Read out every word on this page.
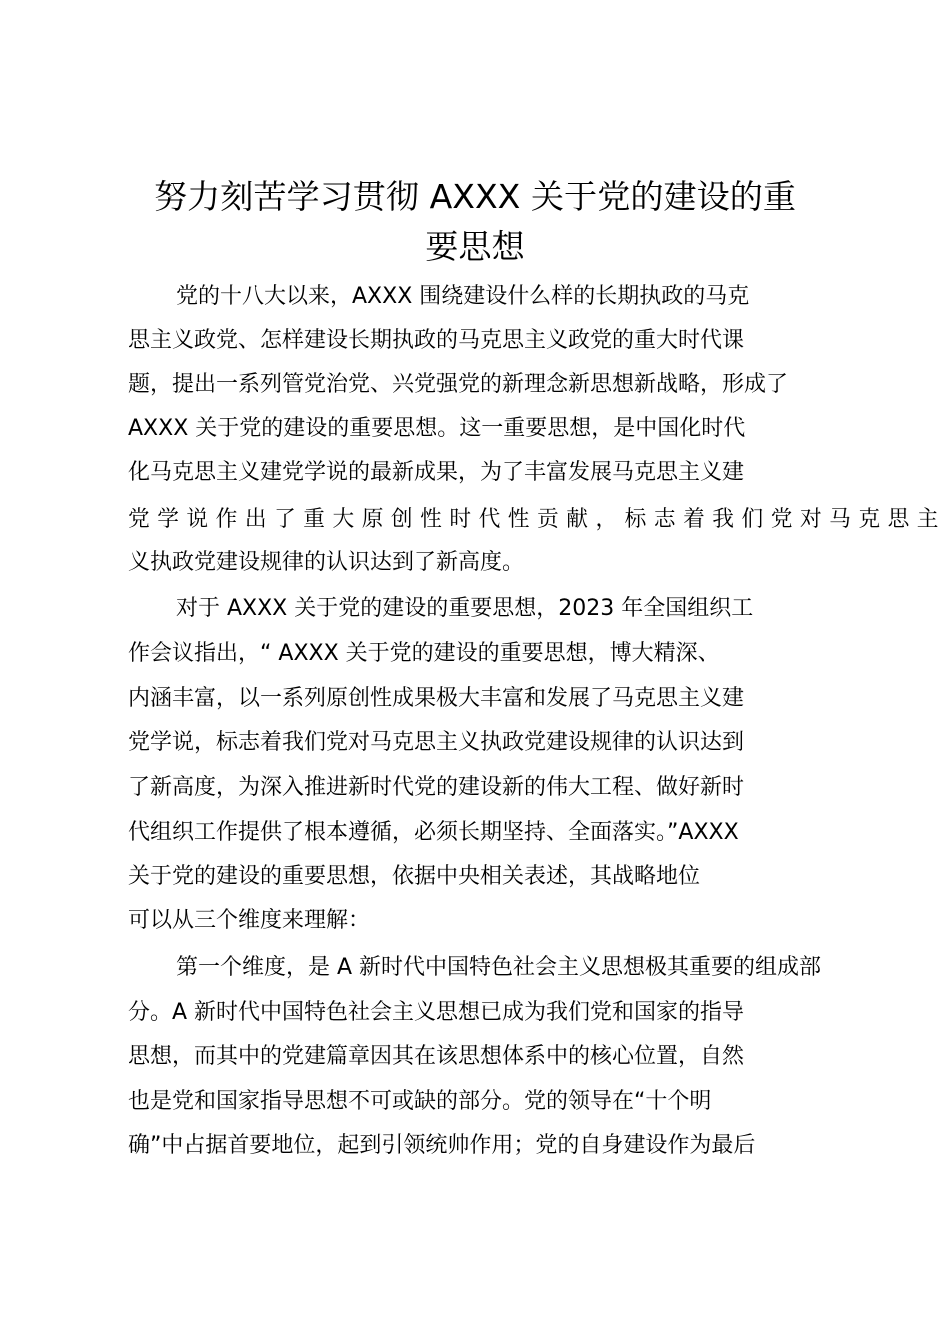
努力刻苦学习贯彻 AXXX 关于党的建设的重
要思想
党的十八大以来，AXXX 围绕建设什么样的长期执政的马克
思主义政党、怎样建设长期执政的马克思主义政党的重大时代课
题，提出一系列管党治党、兴党强党的新理念新思想新战略，形成了
AXXX 关于党的建设的重要思想。这一重要思想，是中国化时代
化马克思主义建党学说的最新成果，为了丰富发展马克思主义建
党学说作出了重大原创性时代性贡献，标志着我们党对马克思主
义执政党建设规律的认识达到了新高度。
对于 AXXX 关于党的建设的重要思想，2023 年全国组织工
作会议指出，“ AXXX 关于党的建设的重要思想，博大精深、
内涵丰富，以一系列原创性成果极大丰富和发展了马克思主义建
党学说，标志着我们党对马克思主义执政党建设规律的认识达到
了新高度，为深入推进新时代党的建设新的伟大工程、做好新时
代组织工作提供了根本遵循，必须长期坚持、全面落实。”AXXX
关于党的建设的重要思想，依据中央相关表述，其战略地位
可以从三个维度来理解：
第一个维度，是 A 新时代中国特色社会主义思想极其重要的组成部
分。A 新时代中国特色社会主义思想已成为我们党和国家的指导
思想，而其中的党建篇章因其在该思想体系中的核心位置，自然
也是党和国家指导思想不可或缺的部分。党的领导在“十个明
确”中占据首要地位，起到引领统帅作用；党的自身建设作为最后
